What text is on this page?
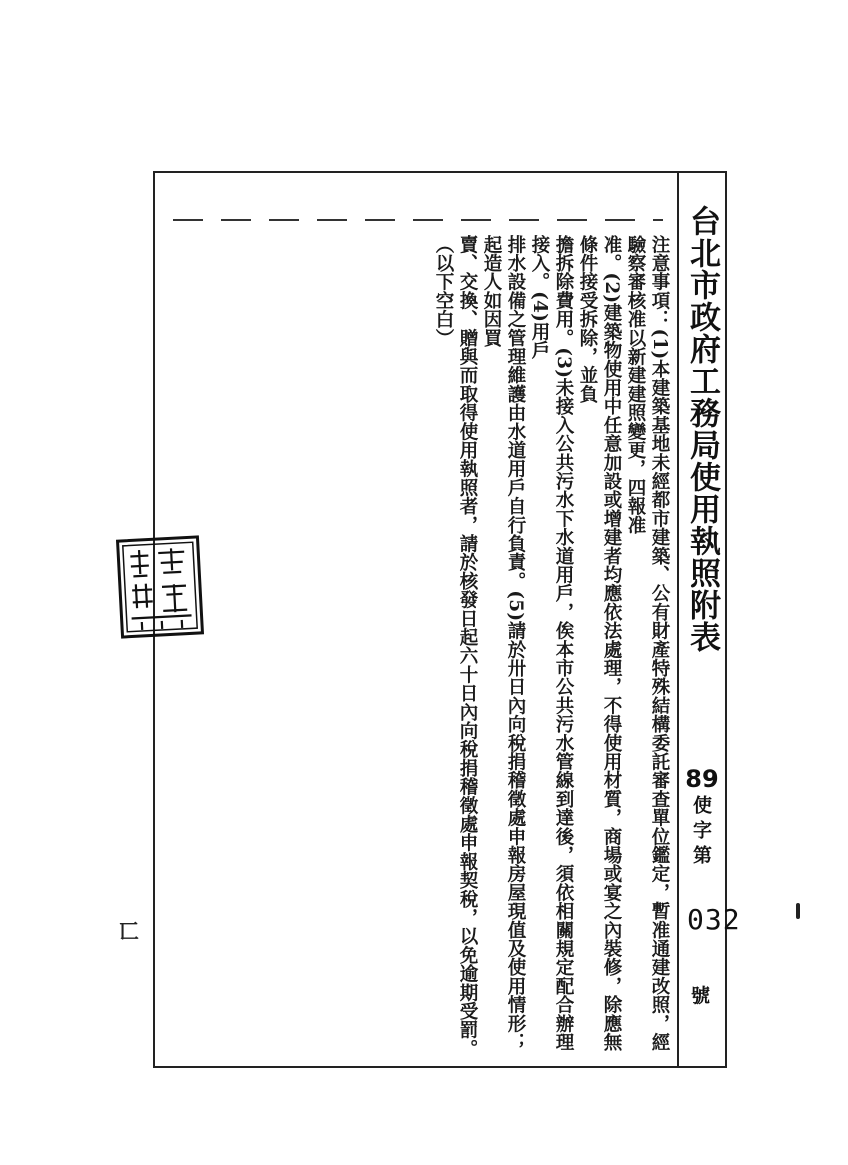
注意事項：(1)本建築基地未經都市建築、公有財產特殊結構委託審查單位鑑定，暫准通建改照，經驗察審核准以新建建照變更，四報准

准。(2)建築物使用中任意加設或增建者均應依法處理，不得使用材質，商場或宴之內裝修，除應無條件接受拆除，並負

擔拆除費用。(3)未接入公共污水下水道用戶，俟本市公共污水管線到達後，須依相關規定配合辦理接入。(4)用戶

排水設備之管理維護由水道用戶自行負責。(5)請於卅日內向稅捐稽徵處申報房屋現值及使用情形；起造人如因買

賣、交換、贈與而取得使用執照者，請於核發日起六十日內向稅捐稽徵處申報契稅，以免逾期受罰。（以下空白）	台北市政府工務局使用執照附表
89
使字第
032
號
匸
